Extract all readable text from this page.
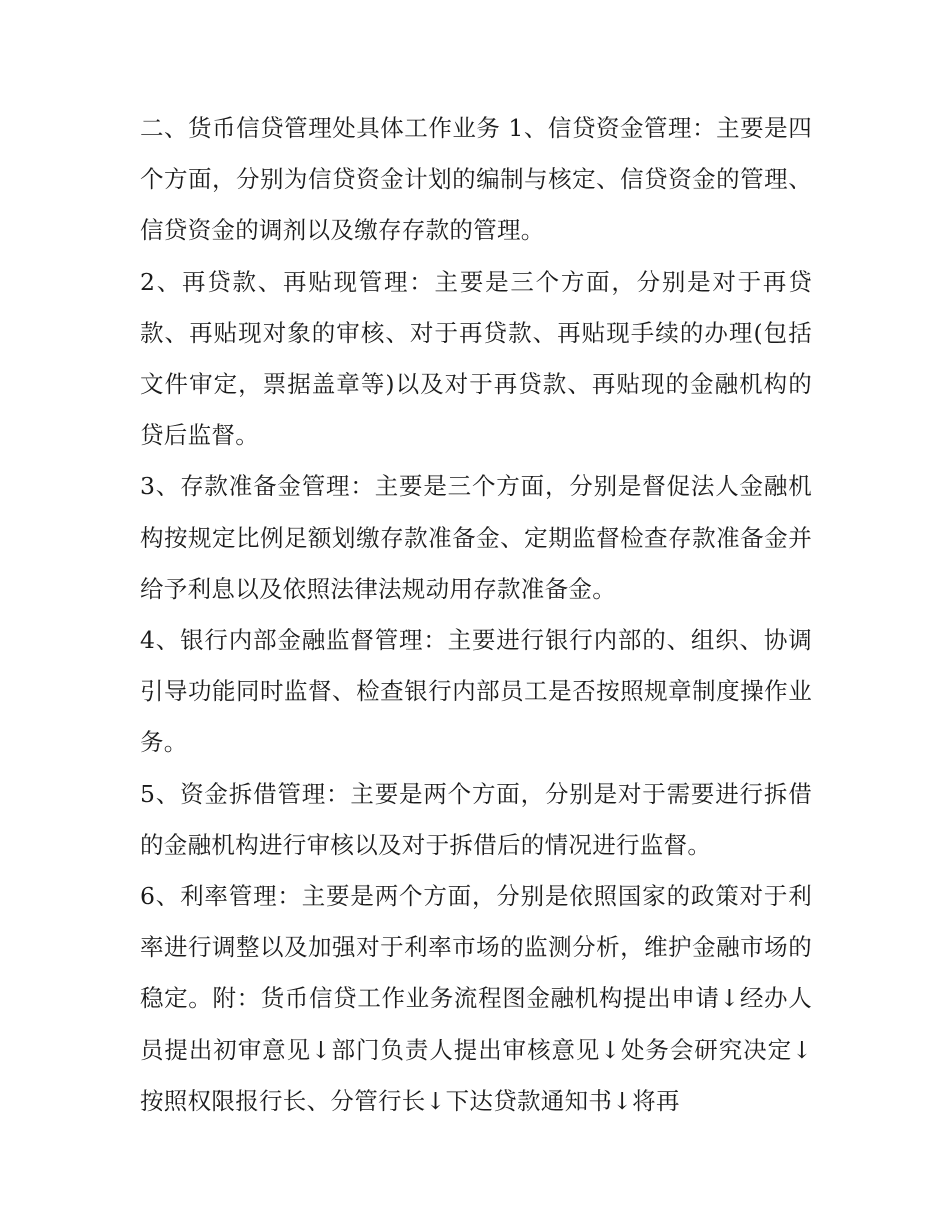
二、货币信贷管理处具体工作业务 1、信贷资金管理：主要是四个方面，分别为信贷资金计划的编制与核定、信贷资金的管理、信贷资金的调剂以及缴存存款的管理。

2、再贷款、再贴现管理：主要是三个方面，分别是对于再贷款、再贴现对象的审核、对于再贷款、再贴现手续的办理(包括文件审定，票据盖章等)以及对于再贷款、再贴现的金融机构的贷后监督。

3、存款准备金管理：主要是三个方面，分别是督促法人金融机构按规定比例足额划缴存款准备金、定期监督检查存款准备金并给予利息以及依照法律法规动用存款准备金。

4、银行内部金融监督管理：主要进行银行内部的、组织、协调引导功能同时监督、检查银行内部员工是否按照规章制度操作业务。

5、资金拆借管理：主要是两个方面，分别是对于需要进行拆借的金融机构进行审核以及对于拆借后的情况进行监督。

6、利率管理：主要是两个方面，分别是依照国家的政策对于利率进行调整以及加强对于利率市场的监测分析，维护金融市场的稳定。附：货币信贷工作业务流程图金融机构提出申请↓经办人员提出初审意见↓部门负责人提出审核意见↓处务会研究决定↓按照权限报行长、分管行长↓下达贷款通知书↓将再
